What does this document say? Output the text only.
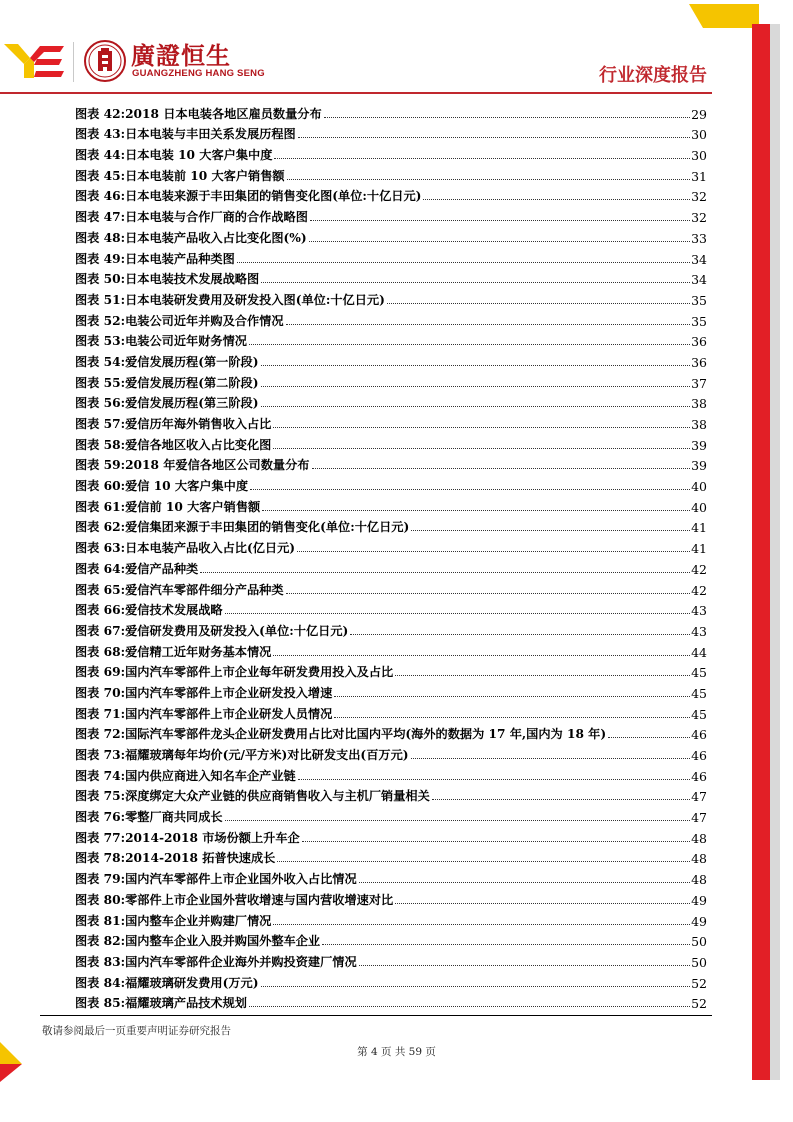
廣證恒生
GUANGZHENG HANG SENG	行业深度报告
图表 42: 2018 日本电装各地区雇员数量分布	29
图表 43: 日本电装与丰田关系发展历程图	30
图表 44: 日本电装 10 大客户集中度	30
图表 45: 日本电装前 10 大客户销售额	31
图表 46: 日本电装来源于丰田集团的销售变化图(单位:十亿日元)	32
图表 47: 日本电装与合作厂商的合作战略图	32
图表 48: 日本电装产品收入占比变化图(%)	33
图表 49: 日本电装产品种类图	34
图表 50: 日本电装技术发展战略图	34
图表 51: 日本电装研发费用及研发投入图(单位:十亿日元)	35
图表 52: 电装公司近年并购及合作情况	35
图表 53: 电装公司近年财务情况	36
图表 54: 爱信发展历程(第一阶段)	36
图表 55: 爱信发展历程(第二阶段)	37
图表 56: 爱信发展历程(第三阶段)	38
图表 57: 爱信历年海外销售收入占比	38
图表 58: 爱信各地区收入占比变化图	39
图表 59: 2018 年爱信各地区公司数量分布	39
图表 60: 爱信 10 大客户集中度	40
图表 61: 爱信前 10 大客户销售额	40
图表 62: 爱信集团来源于丰田集团的销售变化(单位:十亿日元)	41
图表 63: 日本电装产品收入占比(亿日元)	41
图表 64: 爱信产品种类	42
图表 65: 爱信汽车零部件细分产品种类	42
图表 66: 爱信技术发展战略	43
图表 67: 爱信研发费用及研发投入(单位:十亿日元)	43
图表 68: 爱信精工近年财务基本情况	44
图表 69: 国内汽车零部件上市企业每年研发费用投入及占比	45
图表 70: 国内汽车零部件上市企业研发投入增速	45
图表 71: 国内汽车零部件上市企业研发人员情况	45
图表 72: 国际汽车零部件龙头企业研发费用占比对比国内平均(海外的数据为 17 年,国内为 18 年)	46
图表 73: 福耀玻璃每年均价(元/平方米)对比研发支出(百万元)	46
图表 74: 国内供应商进入知名车企产业链	46
图表 75: 深度绑定大众产业链的供应商销售收入与主机厂销量相关	47
图表 76: 零整厂商共同成长	47
图表 77: 2014-2018 市场份额上升车企	48
图表 78: 2014-2018 拓普快速成长	48
图表 79: 国内汽车零部件上市企业国外收入占比情况	48
图表 80: 零部件上市企业国外营收增速与国内营收增速对比	49
图表 81: 国内整车企业并购建厂情况	49
图表 82: 国内整车企业入股并购国外整车企业	50
图表 83: 国内汽车零部件企业海外并购投资建厂情况	50
图表 84: 福耀玻璃研发费用(万元)	52
图表 85: 福耀玻璃产品技术规划	52
敬请参阅最后一页重要声明证券研究报告
第 4 页 共 59 页
